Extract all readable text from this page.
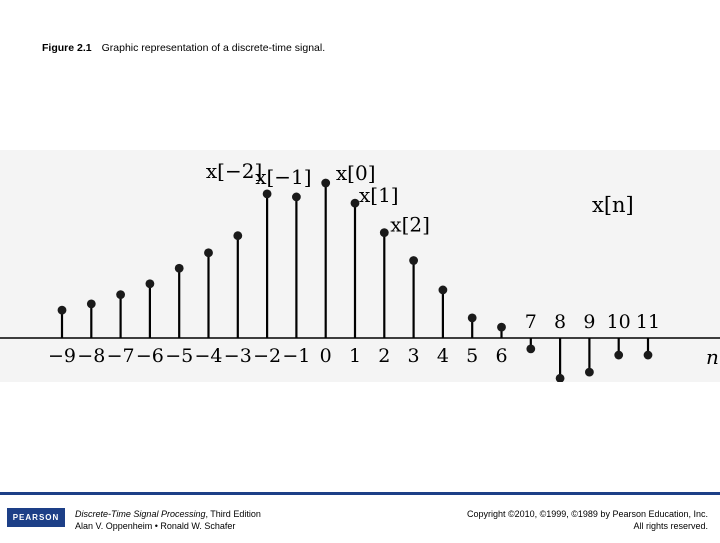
Figure 2.1 Graphic representation of a discrete-time signal.
−9 −8 −7 −6 −5 −4 −3 −2 −1 0 1 2 3 4 5 6
7 8 9 10 11
n
x[n]
x[−2]
x[−1] x[0]
x[1]
x[2]
PEARSON	Discrete-Time Signal Processing, Third Edition
Alan V. Oppenheim • Ronald W. Schafer
Copyright ©2010, ©1999, ©1989 by Pearson Education, Inc.
All rights reserved.
